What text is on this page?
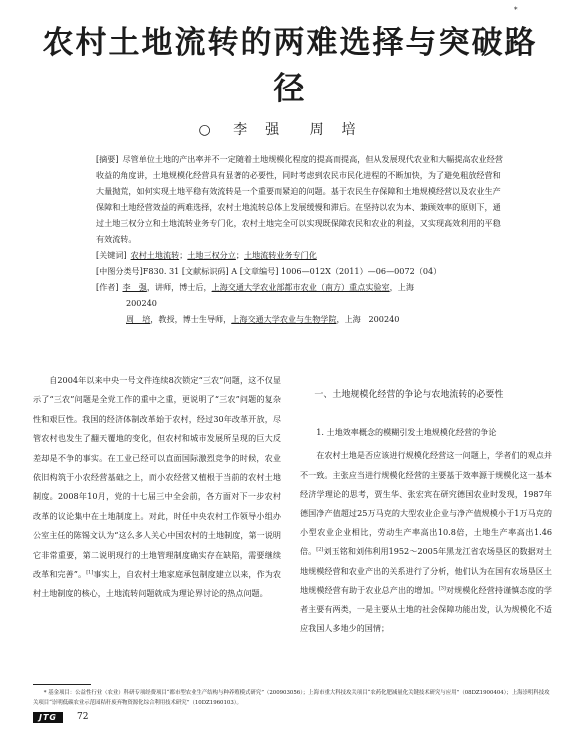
*
农村土地流转的两难选择与突破路径
○ 李　强 周　培

[摘要] 尽管单位土地的产出率并不一定随着土地规模化程度的提高而提高，但从发展现代农业和大幅提高农业经营收益的角度讲，土地规模化经营具有显著的必要性，同时考虑到农民市民化进程的不断加快，为了避免粗放经营和大量抛荒，如何实现土地平稳有效流转是一个重要而紧迫的问题。基于农民生存保障和土地规模经营以及农业生产保障和土地经营效益的两难选择，农村土地流转总体上发展缓慢和滞后。在坚持以农为本、兼顾效率的原则下，通过土地三权分立和土地流转业务专门化，农村土地完全可以实现既保障农民和农业的利益，又实现高效利用的平稳有效流转。

[关键词] 农村土地流转；土地三权分立；土地流转业务专门化

[中图分类号]F830. 31 [文献标识码] A [文章编号] 1006—012X（2011）—06—0072（04）

[作者] 李　强，讲师，博士后，上海交通大学农业部都市农业（南方）重点实验室，上海

200240

周　培，教授，博士生导师，上海交通大学农业与生物学院，上海 200240

自2004年以来中央一号文件连续8次锁定“三农”问题，这不仅显示了“三农”问题是全党工作的重中之重，更说明了“三农”问题的复杂性和艰巨性。我国的经济体制改革始于农村，经过30年改革开放，尽管农村也发生了翻天覆地的变化，但农村和城市发展所呈现的巨大反差却是不争的事实。在工业已经可以直面国际激烈竞争的时候，农业依旧构筑于小农经营基础之上，而小农经营又植根于当前的农村土地制度。2008年10月，党的十七届三中全会前，各方面对下一步农村改革的议论集中在土地制度上。对此，时任中央农村工作领导小组办公室主任的陈锡文认为“这么多人关心中国农村的土地制度，第一说明它非常重要，第二说明现行的土地管理制度确实存在缺陷，需要继续改革和完善”。[1]事实上，自农村土地家庭承包制度建立以来，作为农村土地制度的核心，土地流转问题就成为理论界讨论的热点问题。

一、土地规模化经营的争论与农地流转的必要性

1. 土地效率概念的模糊引发土地规模化经营的争论

在农村土地是否应该进行规模化经营这一问题上，学者们的观点并不一致。主张应当进行规模化经营的主要基于效率源于规模化这一基本经济学理论的思考，贾生华、张宏宾在研究德国农业时发现，1987年德国净产值超过25万马克的大型农业企业与净产值规模小于1万马克的小型农业企业相比，劳动生产率高出10.8倍，土地生产率高出1.46倍。[2]刘玉铭和刘伟利用1952～2005年黑龙江省农场垦区的数据对土地规模经营和农业产出的关系进行了分析，他们认为在国有农场垦区土地规模经营有助于农业总产出的增加。[3]对规模化经营持谨慎态度的学者主要有两类，一是主要从土地的社会保障功能出发，认为规模化不适应我国人多地少的国情；

* 基金项目：公益性行业（农业）科研专项经费项目“都市型农业生产结构与种养殖模式研究”（200903056）；上海市重大科技攻关项目“农药化肥减量化关键技术研究与应用”（08DZ1900404）；上海崇明科技攻关项目“崇明低碳农业示范园秸秆废弃物资源化综合利用技术研究”（10DZ1960103）。

JTG	72
